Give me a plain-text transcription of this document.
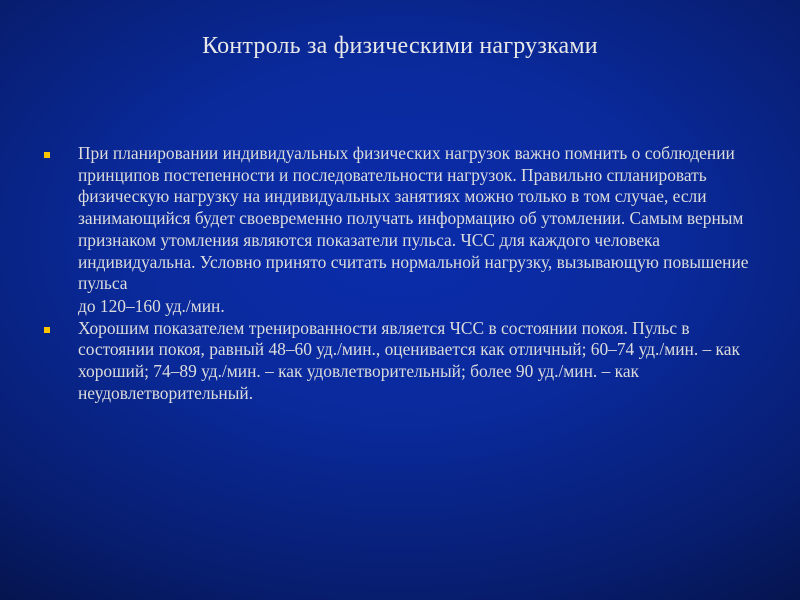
Контроль за физическими нагрузками
При планировании индивидуальных физических нагрузок важно помнить о соблюдении принципов постепенности и последовательности нагрузок. Правильно спланировать физическую нагрузку на индивидуальных занятиях можно только в том случае, если занимающийся будет своевременно получать информацию об утомлении. Самым верным признаком утомления являются показатели пульса. ЧСС для каждого человека индивидуальна. Условно принято считать нормальной нагрузку, вызывающую повышение пульса
до 120–160 уд./мин.
Хорошим показателем тренированности является ЧСС в состоянии покоя. Пульс в состоянии покоя, равный 48–60 уд./мин., оценивается как отличный; 60–74 уд./мин. – как хороший; 74–89 уд./мин. – как удовлетворительный; более 90 уд./мин. – как неудовлетворительный.
